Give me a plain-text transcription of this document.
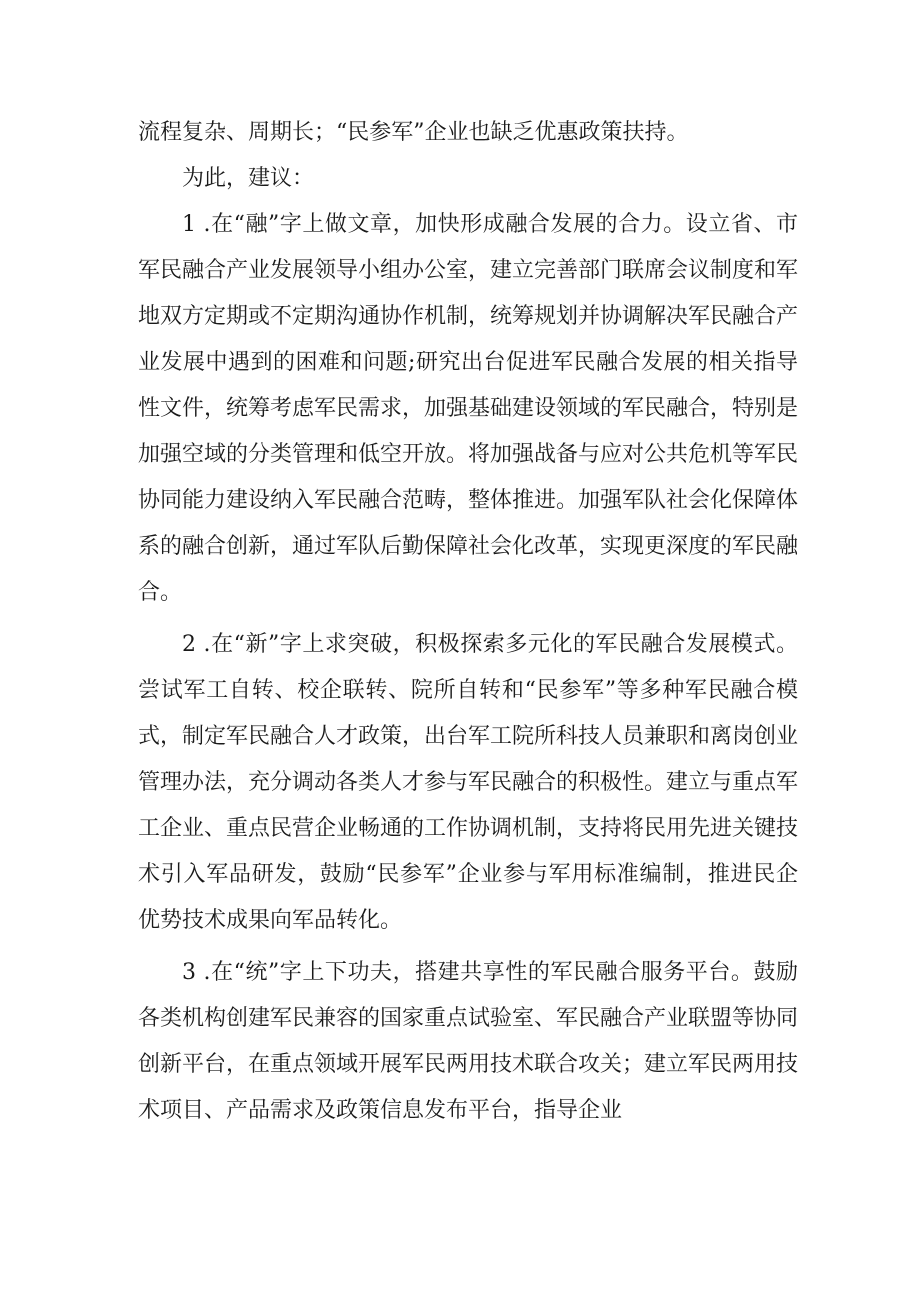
流程复杂、周期长；“民参军”企业也缺乏优惠政策扶持。

为此，建议：

1 .在“融”字上做文章，加快形成融合发展的合力。设立省、市军民融合产业发展领导小组办公室，建立完善部门联席会议制度和军地双方定期或不定期沟通协作机制，统筹规划并协调解决军民融合产业发展中遇到的困难和问题;研究出台促进军民融合发展的相关指导性文件，统筹考虑军民需求，加强基础建设领域的军民融合，特别是加强空域的分类管理和低空开放。将加强战备与应对公共危机等军民协同能力建设纳入军民融合范畴，整体推进。加强军队社会化保障体系的融合创新，通过军队后勤保障社会化改革，实现更深度的军民融合。

2 .在“新”字上求突破，积极探索多元化的军民融合发展模式。尝试军工自转、校企联转、院所自转和“民参军”等多种军民融合模式，制定军民融合人才政策，出台军工院所科技人员兼职和离岗创业管理办法，充分调动各类人才参与军民融合的积极性。建立与重点军工企业、重点民营企业畅通的工作协调机制，支持将民用先进关键技术引入军品研发，鼓励“民参军”企业参与军用标准编制，推进民企优势技术成果向军品转化。

3 .在“统”字上下功夫，搭建共享性的军民融合服务平台。鼓励各类机构创建军民兼容的国家重点试验室、军民融合产业联盟等协同创新平台，在重点领域开展军民两用技术联合攻关；建立军民两用技术项目、产品需求及政策信息发布平台，指导企业
